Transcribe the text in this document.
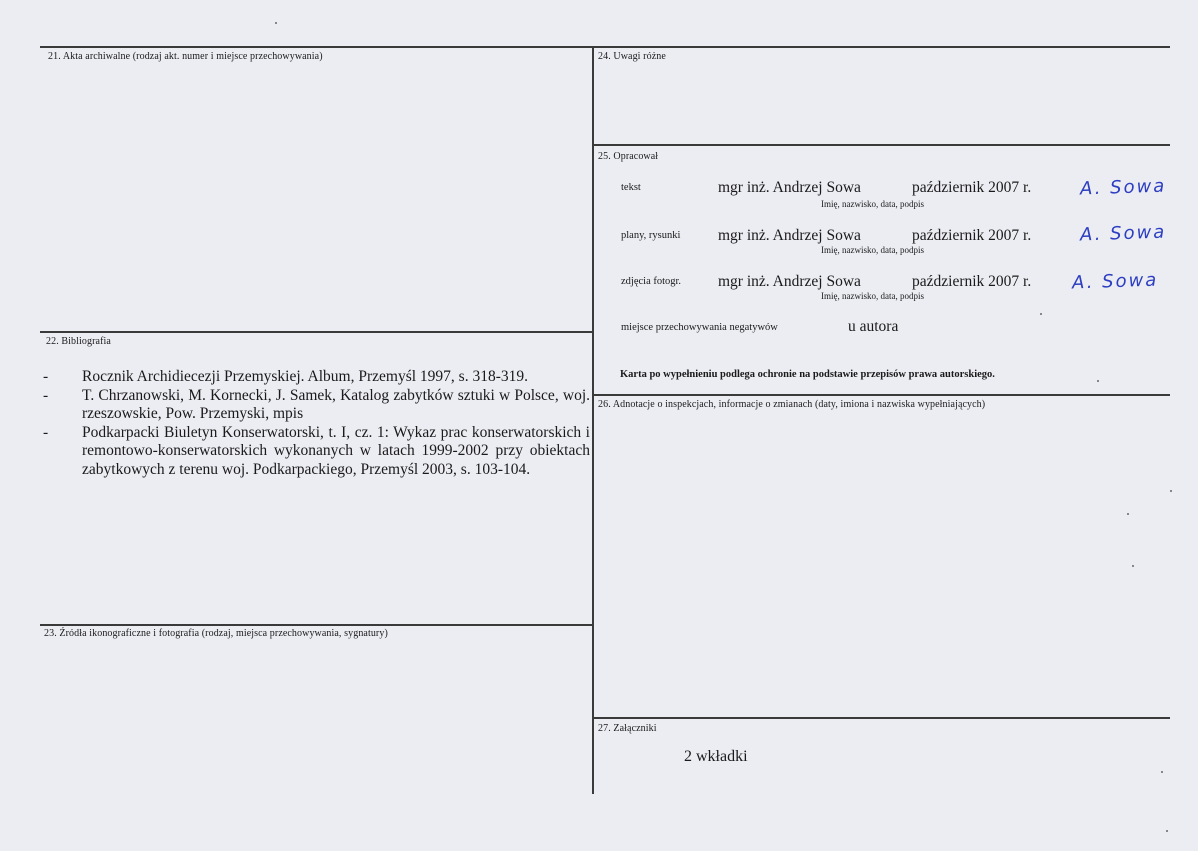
21. Akta archiwalne (rodzaj akt. numer i miejsce przechowywania)
22. Bibliografia
23. Źródła ikonograficzne i fotografia (rodzaj, miejsca przechowywania, sygnatury)
24. Uwagi różne
25. Opracował
26. Adnotacje o inspekcjach, informacje o zmianach (daty, imiona i nazwiska wypełniających)
27. Załączniki
- Rocznik Archidiecezji Przemyskiej. Album, Przemyśl 1997, s. 318-319.
- T. Chrzanowski, M. Kornecki, J. Samek, Katalog zabytków sztuki w Polsce, woj. rzeszowskie, Pow. Przemyski, mpis
- Podkarpacki Biuletyn Konserwatorski, t. I, cz. 1: Wykaz prac konserwatorskich i remontowo-konserwatorskich wykonanych w latach 1999-2002 przy obiektach zabytkowych z terenu woj. Podkarpackiego, Przemyśl 2003, s. 103-104.
tekst	mgr inż. Andrzej Sowa	październik 2007 r.
Imię, nazwisko, data, podpis
A. Sowa
plany, rysunki mgr inż. Andrzej Sowa	październik 2007 r.
Imię, nazwisko, data, podpis
A. Sowa
zdjęcia fotogr. mgr inż. Andrzej Sowa	październik 2007 r.
Imię, nazwisko, data, podpis
A. Sowa
miejsce przechowywania negatywów	u autora
Karta po wypełnieniu podlega ochronie na podstawie przepisów prawa autorskiego.
2 wkładki
